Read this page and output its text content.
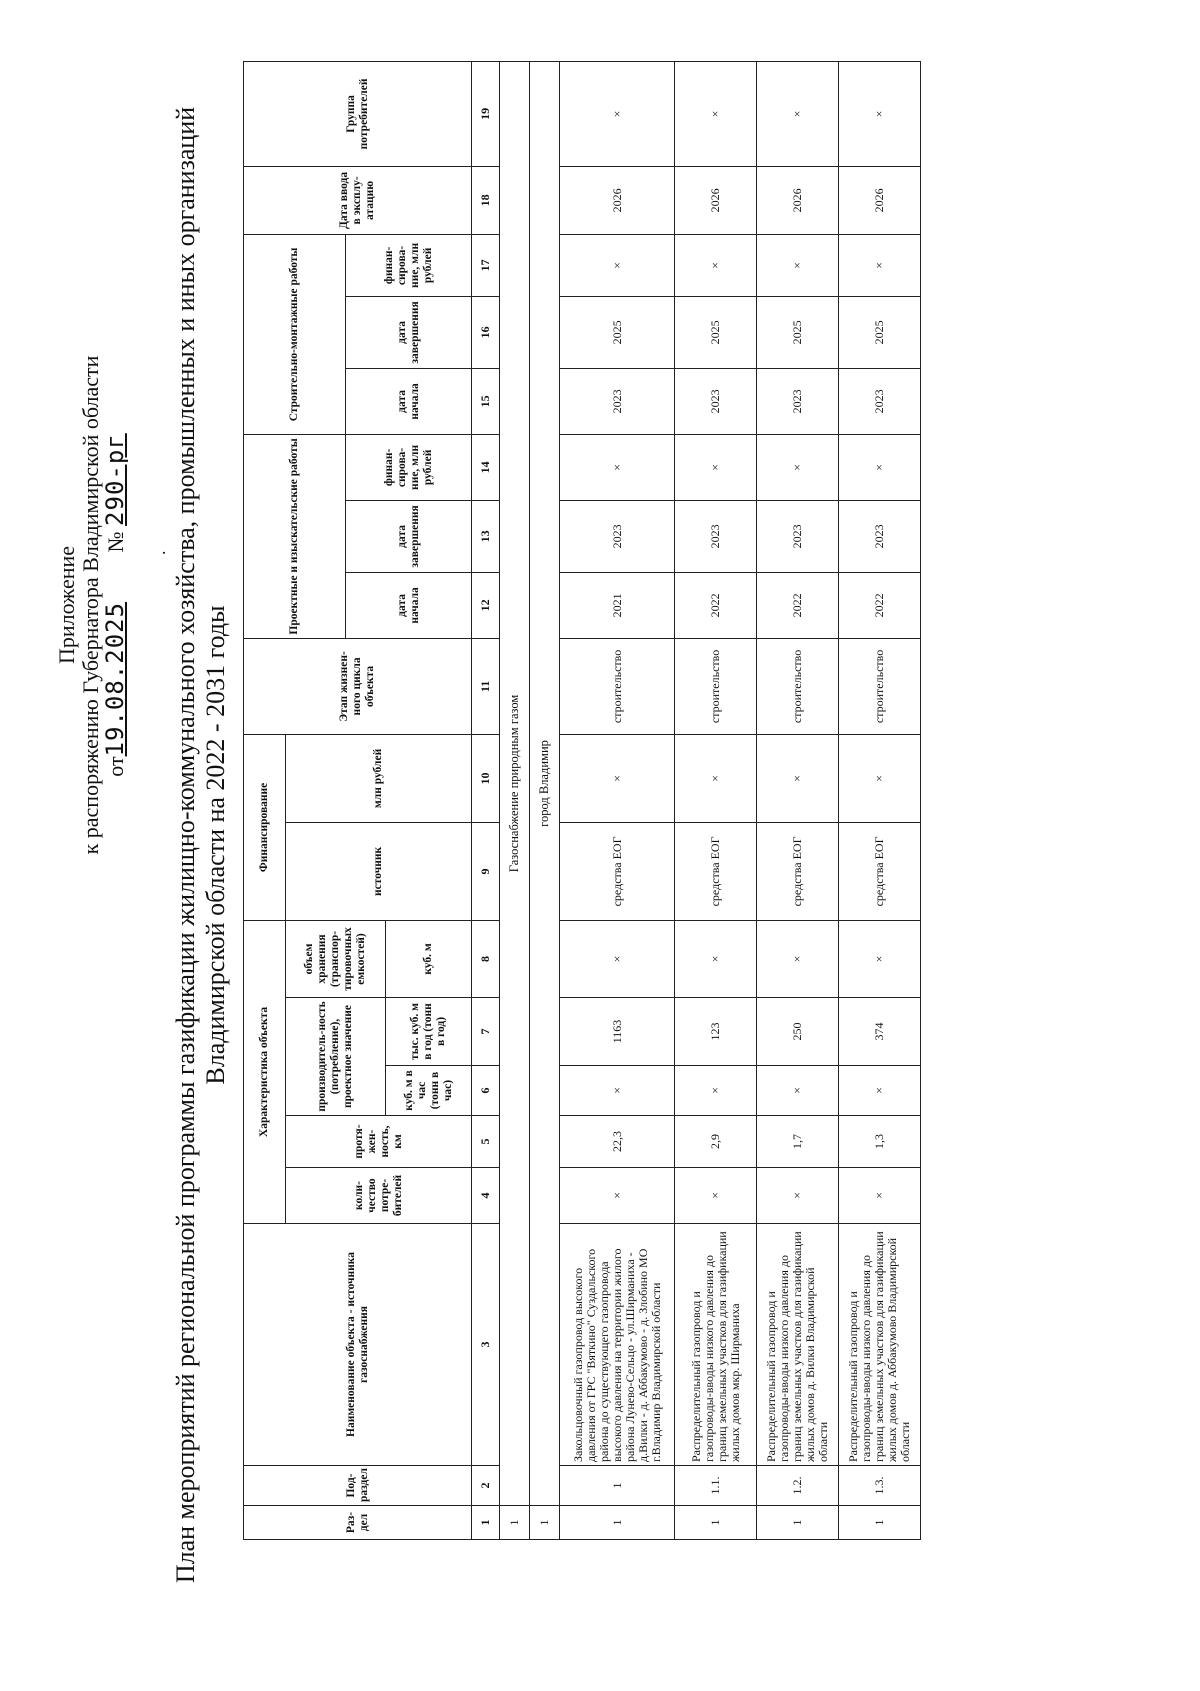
Приложение к распоряжению Губернатора Владимирской области от19.08.2025         № 290-рг
. План мероприятий региональной программы газификации жилищно-коммунального хозяйства, промышленных и иных организаций Владимирской области на 2022 - 2031 годы
Раз-дел	Под-раздел	Наименование объекта - источника газоснабжения	Характеристика объекта					Финансирование		Этап жизнен-ного цикла объекта	Проектные и изыскательские работы			Строительно-монтажные работы			Дата ввода в эксплу-атацию	Группа потребителей
			коли-чество потре-бителей	протя-жен-ность, км	производитель-ность (потребление), проектное значение		объем хранения (транспор-тировочных емкостей)	источник	млн рублей									
											дата начала	дата завершения	финан-сирова-ние, млн рублей	дата начала	дата завершения	финан-сирова-ние, млн рублей		
					куб. м в час (тонн в час)	тыс. куб. м в год (тонн в год)	куб. м											
1	2	3	4	5	6	7	8	9	10	11	12	13	14	15	16	17	18	19
1	Газоснабжение природным газом																	
1	город Владимир																	
1	1	Закольцовочный газопровод высокого давления от ГРС "Вяткино" Суздальского района до существующего газопровода высокого давления на территории жилого района Лунево-Сельцо - ул.Ширманиха - д.Вилки - д. Аббакумово - д. Злобино МО г.Владимир Владимирской области	×	22,3	×	1163	×	средства ЕОГ	×	строительство	2021	2023	×	2023	2025	×	2026	×
1	1.1.	Распределительный газопровод и газопроводы-вводы низкого давления до границ земельных участков для газификации жилых домов мкр. Ширманиха	×	2,9	×	123	×	средства ЕОГ	×	строительство	2022	2023	×	2023	2025	×	2026	×
1	1.2.	Распределительный газопровод и газопроводы-вводы низкого давления до границ земельных участков для газификации жилых домов д. Вилки Владимирской области	×	1,7	×	250	×	средства ЕОГ	×	строительство	2022	2023	×	2023	2025	×	2026	×
1	1.3.	Распределительный газопровод и газопроводы-вводы низкого давления до границ земельных участков для газификации жилых домов д. Аббакумово Владимирской области	×	1,3	×	374	×	средства ЕОГ	×	строительство	2022	2023	×	2023	2025	×	2026	×
